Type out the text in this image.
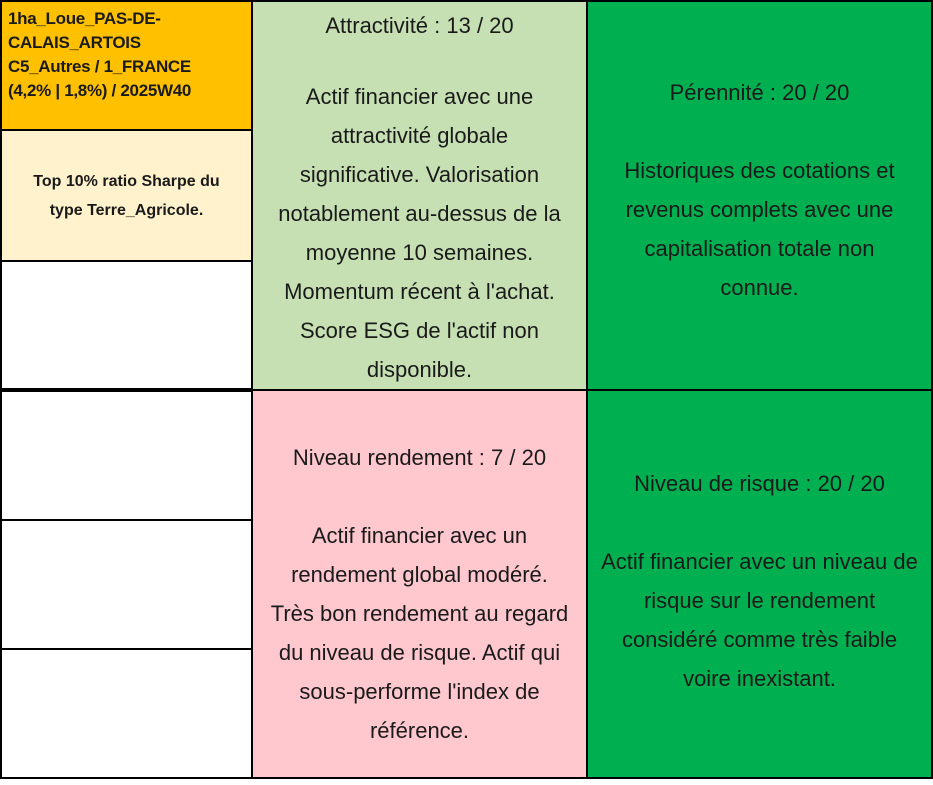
1ha_Loue_PAS-DE-
CALAIS_ARTOIS
C5_Autres / 1_FRANCE
(4,2% | 1,8%) / 2025W40
Top 10% ratio Sharpe du
type Terre_Agricole.
Attractivité : 13 / 20
Actif financier avec une
attractivité globale
significative. Valorisation
notablement au-dessus de la
moyenne 10 semaines.
Momentum récent à l'achat.
Score ESG de l'actif non
disponible.
Pérennité : 20 / 20
Historiques des cotations et
revenus complets avec une
capitalisation totale non
connue.
Niveau rendement : 7 / 20
Actif financier avec un
rendement global modéré.
Très bon rendement au regard
du niveau de risque. Actif qui
sous-performe l'index de
référence.
Niveau de risque : 20 / 20
Actif financier avec un niveau de
risque sur le rendement
considéré comme très faible
voire inexistant.
